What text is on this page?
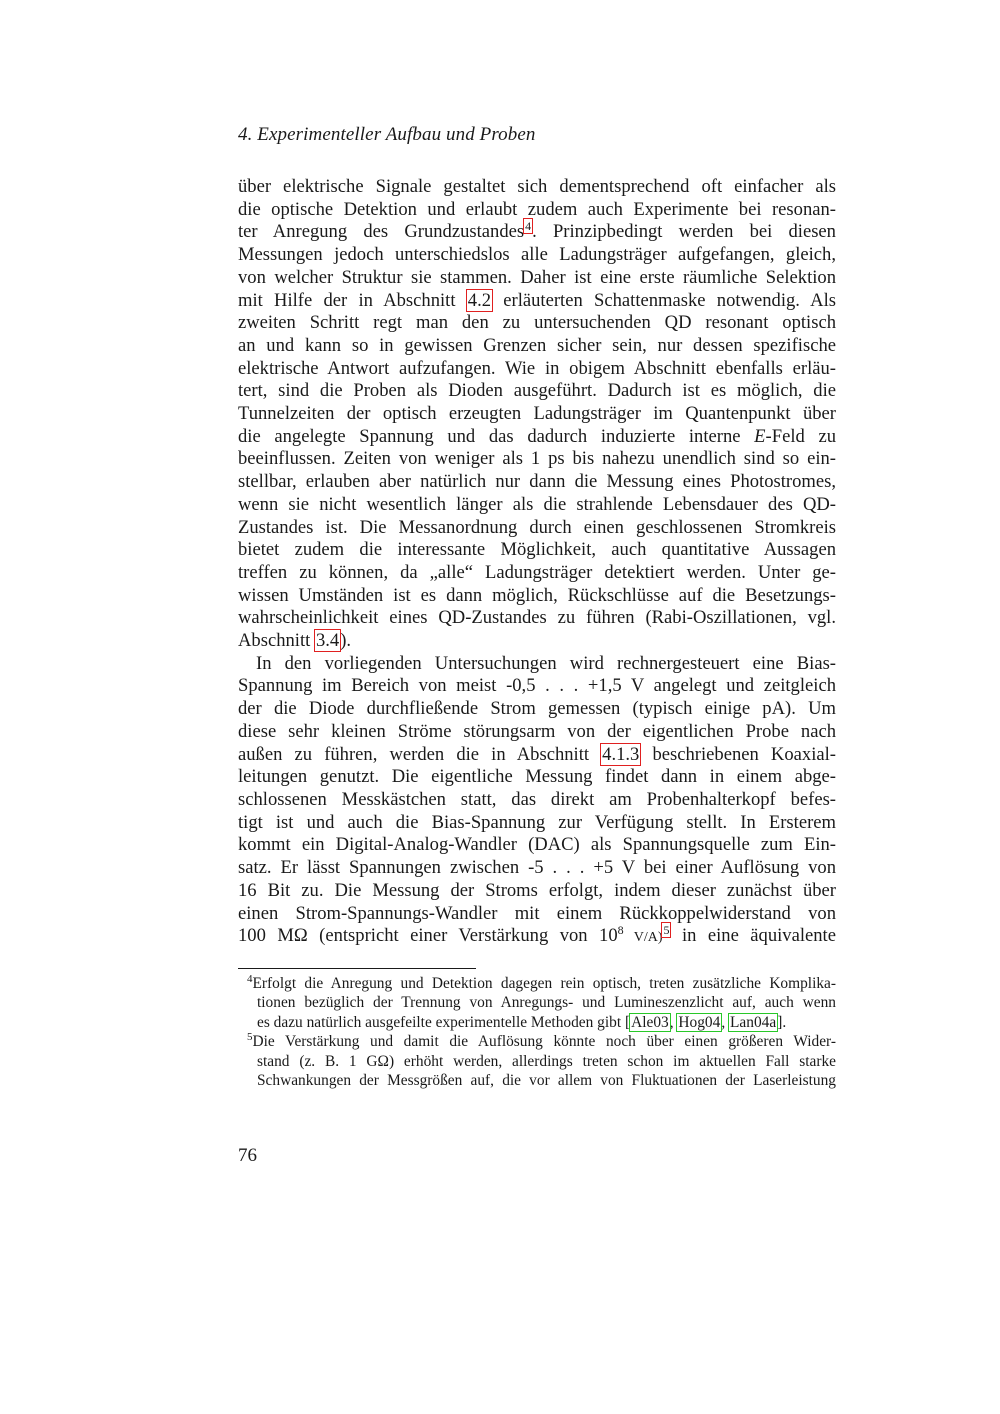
4. Experimenteller Aufbau und Proben
über elektrische Signale gestaltet sich dementsprechend oft einfacher als
die optische Detektion und erlaubt zudem auch Experimente bei resonan-
ter Anregung des Grundzustandes$^4$. Prinzipbedingt werden bei diesen
Messungen jedoch unterschiedslos alle Ladungsträger aufgefangen, gleich,
von welcher Struktur sie stammen. Daher ist eine erste räumliche Selektion
mit Hilfe der in Abschnitt 4.2 erläuterten Schattenmaske notwendig. Als
zweiten Schritt regt man den zu untersuchenden QD resonant optisch
an und kann so in gewissen Grenzen sicher sein, nur dessen spezifische
elektrische Antwort aufzufangen. Wie in obigem Abschnitt ebenfalls erläu-
tert, sind die Proben als Dioden ausgeführt. Dadurch ist es möglich, die
Tunnelzeiten der optisch erzeugten Ladungsträger im Quantenpunkt über
die angelegte Spannung und das dadurch induzierte interne E-Feld zu
beeinflussen. Zeiten von weniger als 1 ps bis nahezu unendlich sind so ein-
stellbar, erlauben aber natürlich nur dann die Messung eines Photostromes,
wenn sie nicht wesentlich länger als die strahlende Lebensdauer des QD-
Zustandes ist. Die Messanordnung durch einen geschlossenen Stromkreis
bietet zudem die interessante Möglichkeit, auch quantitative Aussagen
treffen zu können, da „alle“ Ladungsträger detektiert werden. Unter ge-
wissen Umständen ist es dann möglich, Rückschlüsse auf die Besetzungs-
wahrscheinlichkeit eines QD-Zustandes zu führen (Rabi-Oszillationen, vgl.
Abschnitt 3.4).
In den vorliegenden Untersuchungen wird rechnergesteuert eine Bias-
Spannung im Bereich von meist -0,5 . . . +1,5 V angelegt und zeitgleich
der die Diode durchfließende Strom gemessen (typisch einige pA). Um
diese sehr kleinen Ströme störungsarm von der eigentlichen Probe nach
außen zu führen, werden die in Abschnitt 4.1.3 beschriebenen Koaxial-
leitungen genutzt. Die eigentliche Messung findet dann in einem abge-
schlossenen Messkästchen statt, das direkt am Probenhalterkopf befes-
tigt ist und auch die Bias-Spannung zur Verfügung stellt. In Ersterem
kommt ein Digital-Analog-Wandler (DAC) als Spannungsquelle zum Ein-
satz. Er lässt Spannungen zwischen -5 . . . +5 V bei einer Auflösung von
16 Bit zu. Die Messung der Stroms erfolgt, indem dieser zunächst über
einen Strom-Spannungs-Wandler mit einem Rückkoppelwiderstand von
100 MΩ (entspricht einer Verstärkung von $10^8$ V/A)$^5$ in eine äquivalente
$^4$Erfolgt die Anregung und Detektion dagegen rein optisch, treten zusätzliche Komplika-
tionen bezüglich der Trennung von Anregungs- und Lumineszenzlicht auf, auch wenn
es dazu natürlich ausgefeilte experimentelle Methoden gibt [Ale03, Hog04, Lan04a].
$^5$Die Verstärkung und damit die Auflösung könnte noch über einen größeren Wider-
stand (z. B. 1 GΩ) erhöht werden, allerdings treten schon im aktuellen Fall starke
Schwankungen der Messgrößen auf, die vor allem von Fluktuationen der Laserleistung
76
